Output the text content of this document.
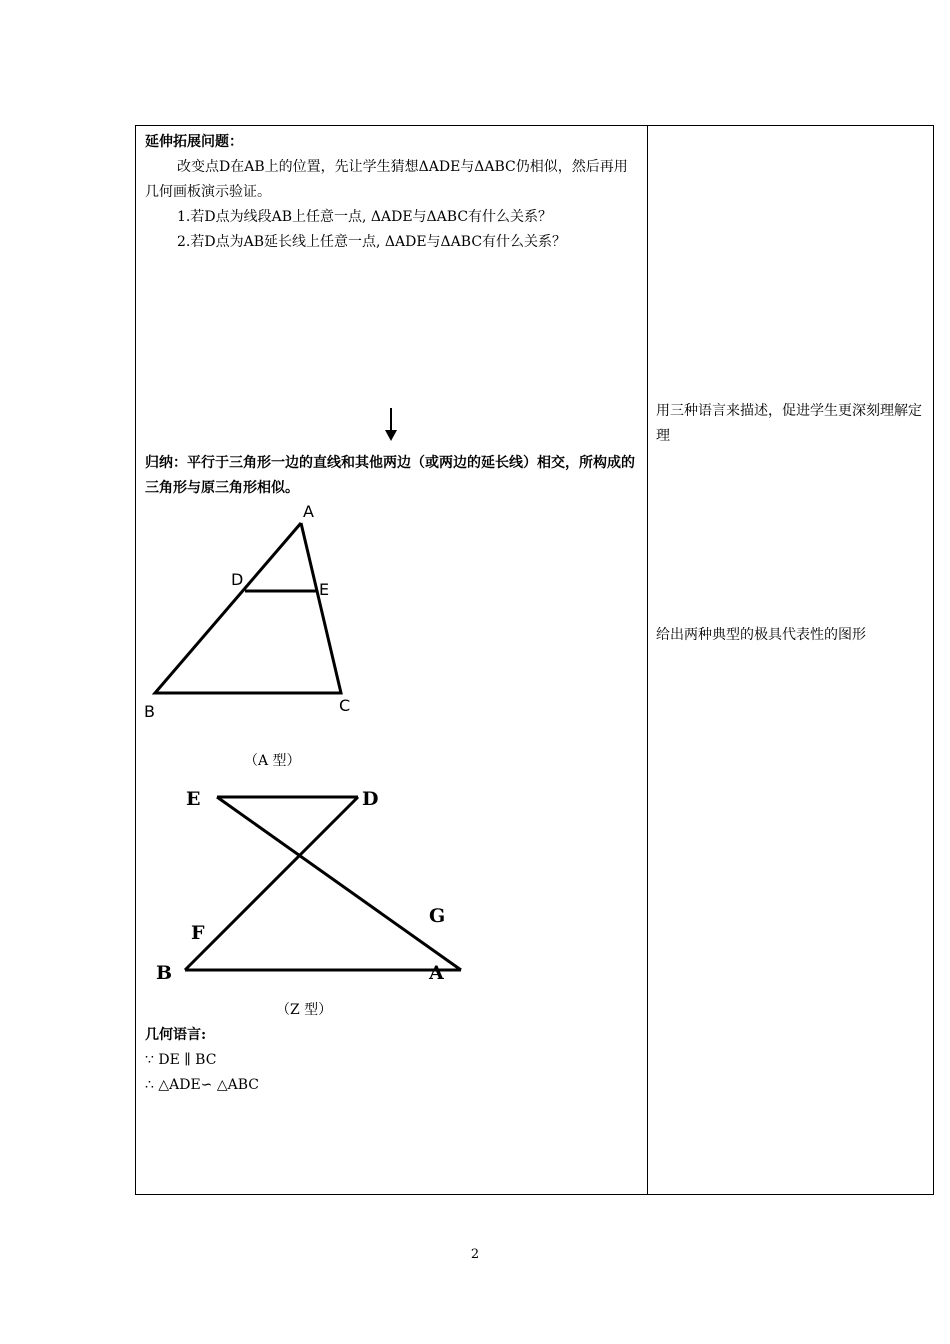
延伸拓展问题：

改变点D在AB上的位置，先让学生猜想ΔADE与ΔABC仍相似，然后再用几何画板演示验证。

1.若D点为线段AB上任意一点, ΔADE与ΔABC有什么关系？

2.若D点为AB延长线上任意一点, ΔADE与ΔABC有什么关系？

归纳：平行于三角形一边的直线和其他两边（或两边的延长线）相交，所构成的三角形与原三角形相似。

A
D
E
B	C
（A 型）
E	D
G
F
B	A
（Z 型）

几何语言:

∵ DE ∥ BC

∴ △ADE∽ △ABC

用三种语言来描述，促进学生更深刻理解定理
给出两种典型的极具代表性的图形
2
